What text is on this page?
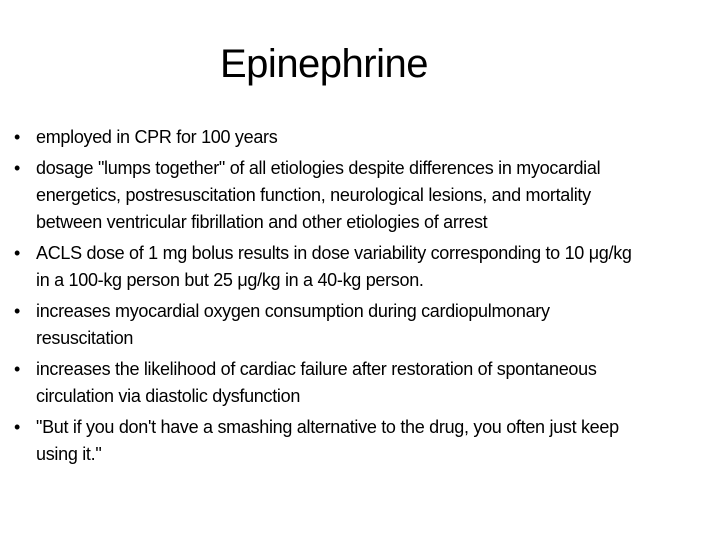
Epinephrine
• employed in CPR for 100 years
• dosage "lumps together" of all etiologies despite differences in myocardial energetics, postresuscitation function, neurological lesions, and mortality between ventricular fibrillation and other etiologies of arrest
• ACLS dose of 1 mg bolus results in dose variability corresponding to 10 μg/kg in a 100-kg person but 25 μg/kg in a 40-kg person.
• increases myocardial oxygen consumption during cardiopulmonary resuscitation
• increases the likelihood of cardiac failure after restoration of spontaneous circulation via diastolic dysfunction
• "But if you don't have a smashing alternative to the drug, you often just keep using it."
